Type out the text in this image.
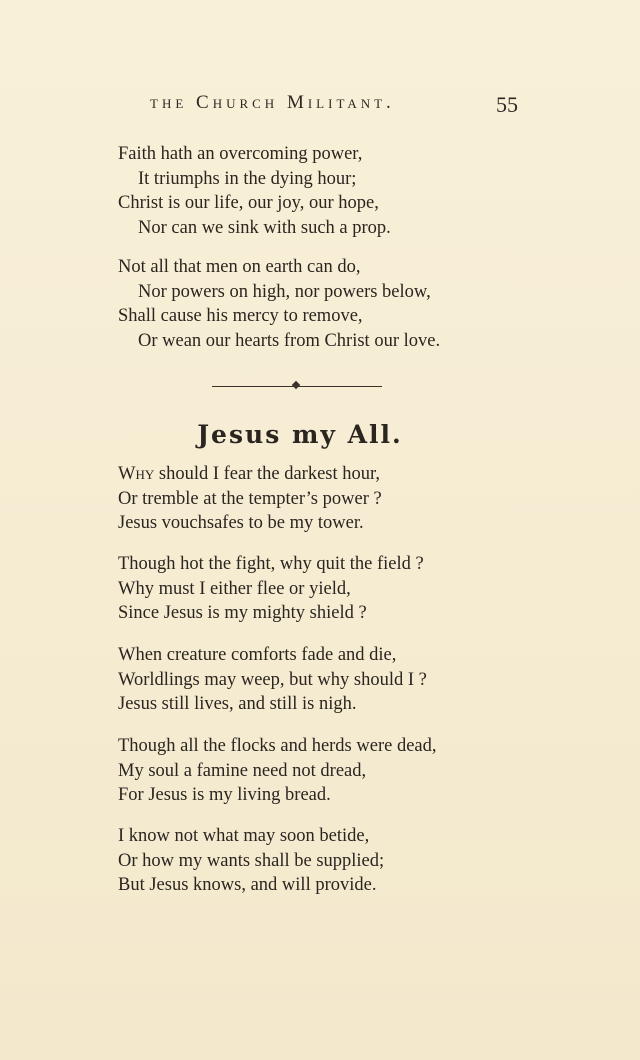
the Church Militant.	55
Faith hath an overcoming power,
It triumphs in the dying hour;
Christ is our life, our joy, our hope,
Nor can we sink with such a prop.
Not all that men on earth can do,
Nor powers on high, nor powers below,
Shall cause his mercy to remove,
Or wean our hearts from Christ our love.
Jesus my All.
Why should I fear the darkest hour,
Or tremble at the tempter’s power ?
Jesus vouchsafes to be my tower.
Though hot the fight, why quit the field ?
Why must I either flee or yield,
Since Jesus is my mighty shield ?
When creature comforts fade and die,
Worldlings may weep, but why should I ?
Jesus still lives, and still is nigh.
Though all the flocks and herds were dead,
My soul a famine need not dread,
For Jesus is my living bread.
I know not what may soon betide,
Or how my wants shall be supplied;
But Jesus knows, and will provide.
